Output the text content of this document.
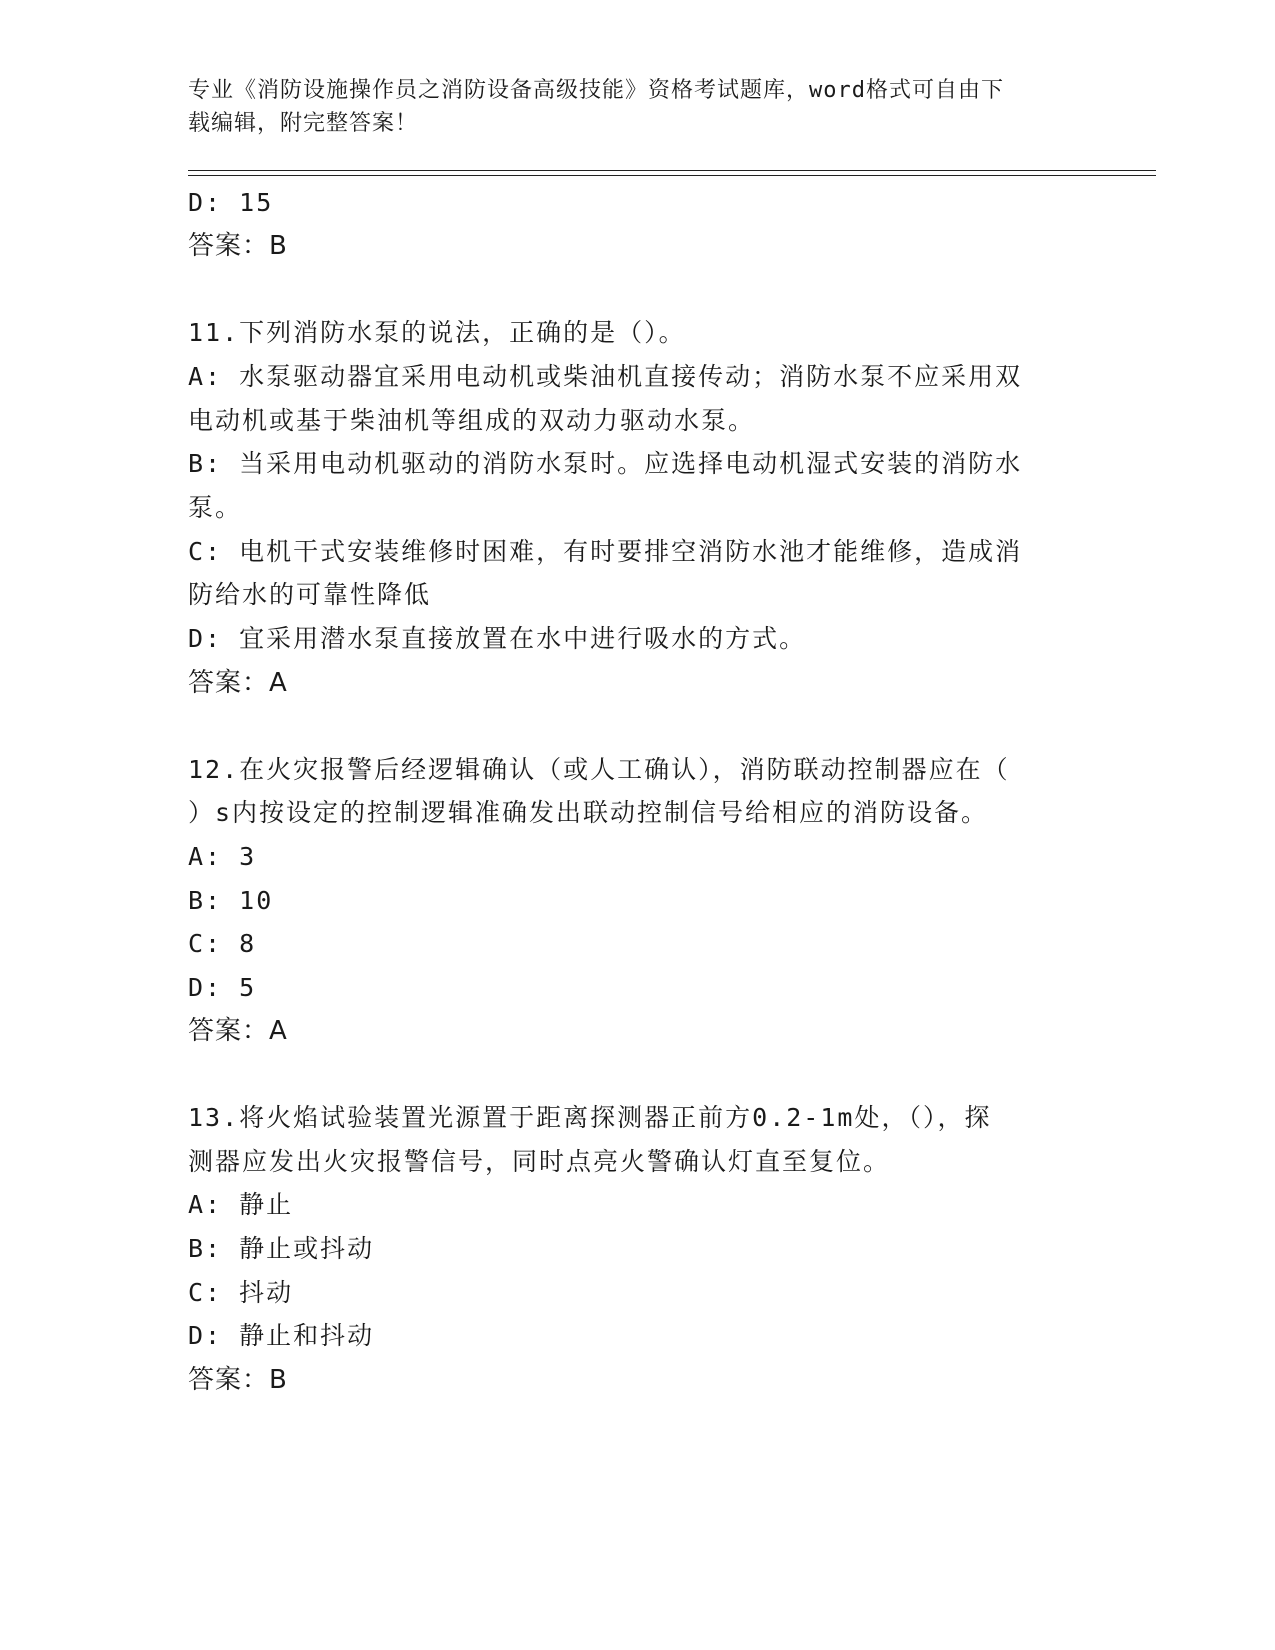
专业《消防设施操作员之消防设备高级技能》资格考试题库，word格式可自由下
载编辑，附完整答案！
D: 15
答案：B
11.下列消防水泵的说法，正确的是（）。
A: 水泵驱动器宜采用电动机或柴油机直接传动；消防水泵不应采用双
电动机或基于柴油机等组成的双动力驱动水泵。
B: 当采用电动机驱动的消防水泵时。应选择电动机湿式安装的消防水
泵。
C: 电机干式安装维修时困难，有时要排空消防水池才能维修，造成消
防给水的可靠性降低
D: 宜采用潜水泵直接放置在水中进行吸水的方式。
答案：A
12.在火灾报警后经逻辑确认（或人工确认），消防联动控制器应在（
）s内按设定的控制逻辑准确发出联动控制信号给相应的消防设备。
A: 3
B: 10
C: 8
D: 5
答案：A
13.将火焰试验装置光源置于距离探测器正前方0.2-1m处，（），探
测器应发出火灾报警信号，同时点亮火警确认灯直至复位。
A: 静止
B: 静止或抖动
C: 抖动
D: 静止和抖动
答案：B
